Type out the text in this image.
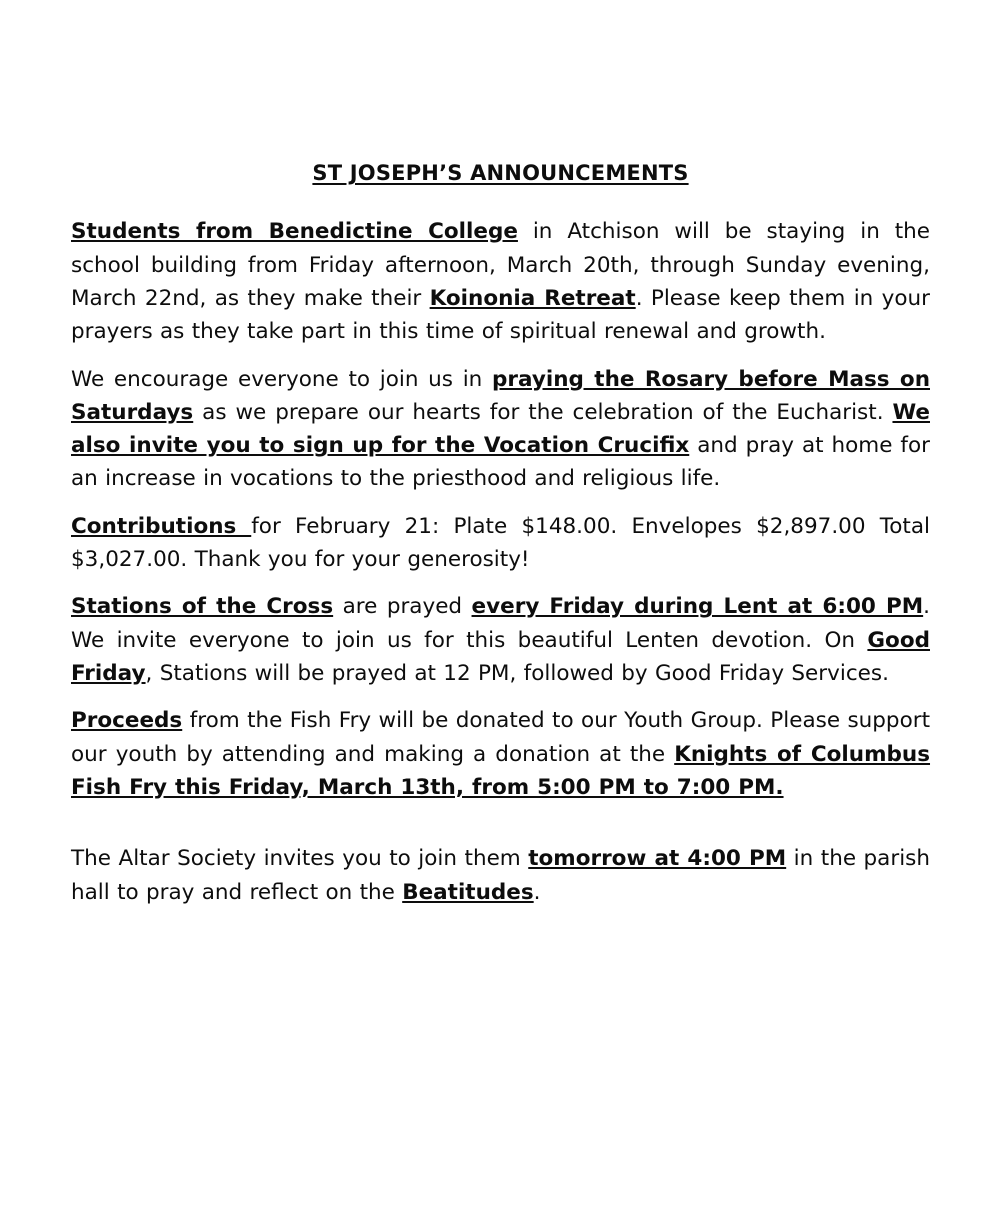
ST JOSEPH’S ANNOUNCEMENTS

Students from Benedictine College in Atchison will be staying in the school building from Friday afternoon, March 20th, through Sunday evening, March 22nd, as they make their Koinonia Retreat. Please keep them in your prayers as they take part in this time of spiritual renewal and growth.

We encourage everyone to join us in praying the Rosary before Mass on Saturdays as we prepare our hearts for the celebration of the Eucharist. We also invite you to sign up for the Vocation Crucifix and pray at home for an increase in vocations to the priesthood and religious life.

Contributions for February 21: Plate $148.00. Envelopes $2,897.00 Total $3,027.00. Thank you for your generosity!

Stations of the Cross are prayed every Friday during Lent at 6:00 PM. We invite everyone to join us for this beautiful Lenten devotion. On Good Friday, Stations will be prayed at 12 PM, followed by Good Friday Services.

Proceeds from the Fish Fry will be donated to our Youth Group. Please support our youth by attending and making a donation at the Knights of Columbus Fish Fry this Friday, March 13th, from 5:00 PM to 7:00 PM.

The Altar Society invites you to join them tomorrow at 4:00 PM in the parish hall to pray and reflect on the Beatitudes.
